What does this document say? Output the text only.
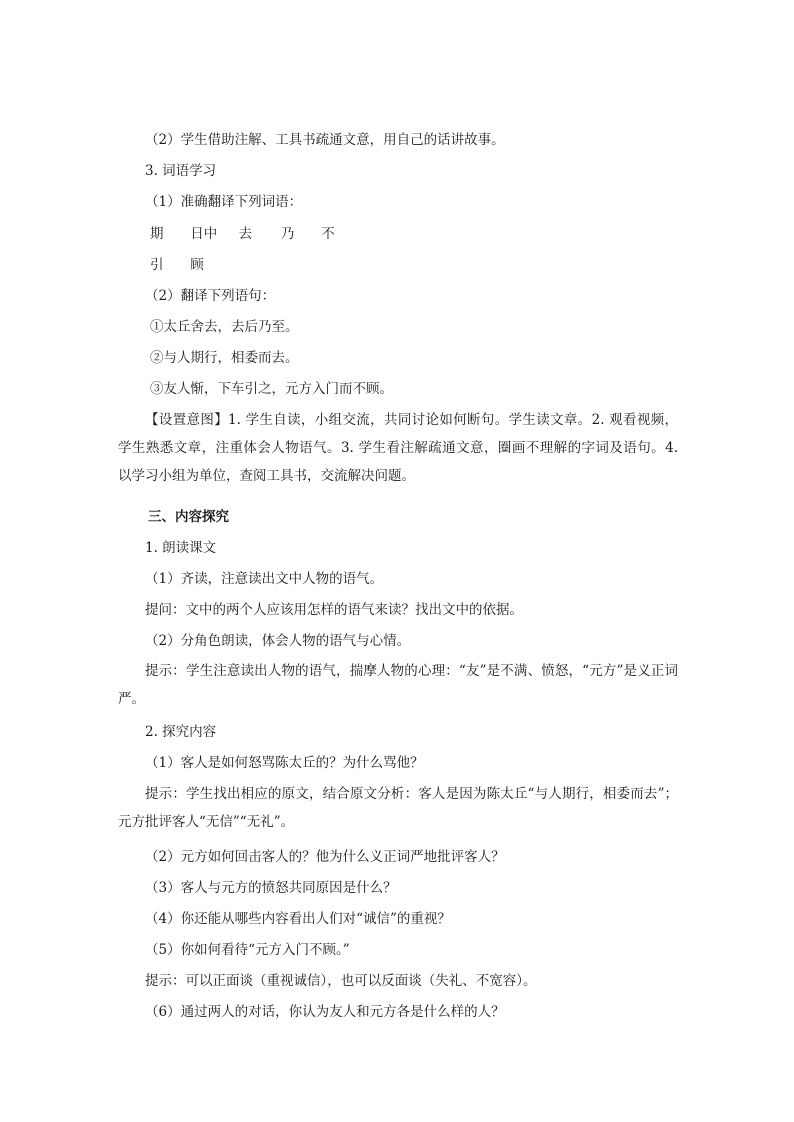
（2）学生借助注解、工具书疏通文意，用自己的话讲故事。
3. 词语学习
（1）准确翻译下列词语：
期 日中 去 乃 不
引 顾
（2）翻译下列语句：
①太丘舍去，去后乃至。
②与人期行，相委而去。
③友人惭，下车引之，元方入门而不顾。
【设置意图】1. 学生自读，小组交流，共同讨论如何断句。学生读文章。2. 观看视频，学生熟悉文章，注重体会人物语气。3. 学生看注解疏通文意，圈画不理解的字词及语句。4. 以学习小组为单位，查阅工具书，交流解决问题。
三、内容探究
1. 朗读课文
（1）齐读，注意读出文中人物的语气。
提问：文中的两个人应该用怎样的语气来读？找出文中的依据。
（2）分角色朗读，体会人物的语气与心情。
提示：学生注意读出人物的语气，揣摩人物的心理：“友”是不满、愤怒，“元方”是义正词严。
2. 探究内容
（1）客人是如何怒骂陈太丘的？为什么骂他？
提示：学生找出相应的原文，结合原文分析：客人是因为陈太丘“与人期行，相委而去”；元方批评客人“无信”“无礼”。
（2）元方如何回击客人的？他为什么义正词严地批评客人？
（3）客人与元方的愤怒共同原因是什么？
（4）你还能从哪些内容看出人们对“诚信”的重视？
（5）你如何看待“元方入门不顾。”
提示：可以正面谈（重视诚信），也可以反面谈（失礼、不宽容）。
（6）通过两人的对话，你认为友人和元方各是什么样的人？
